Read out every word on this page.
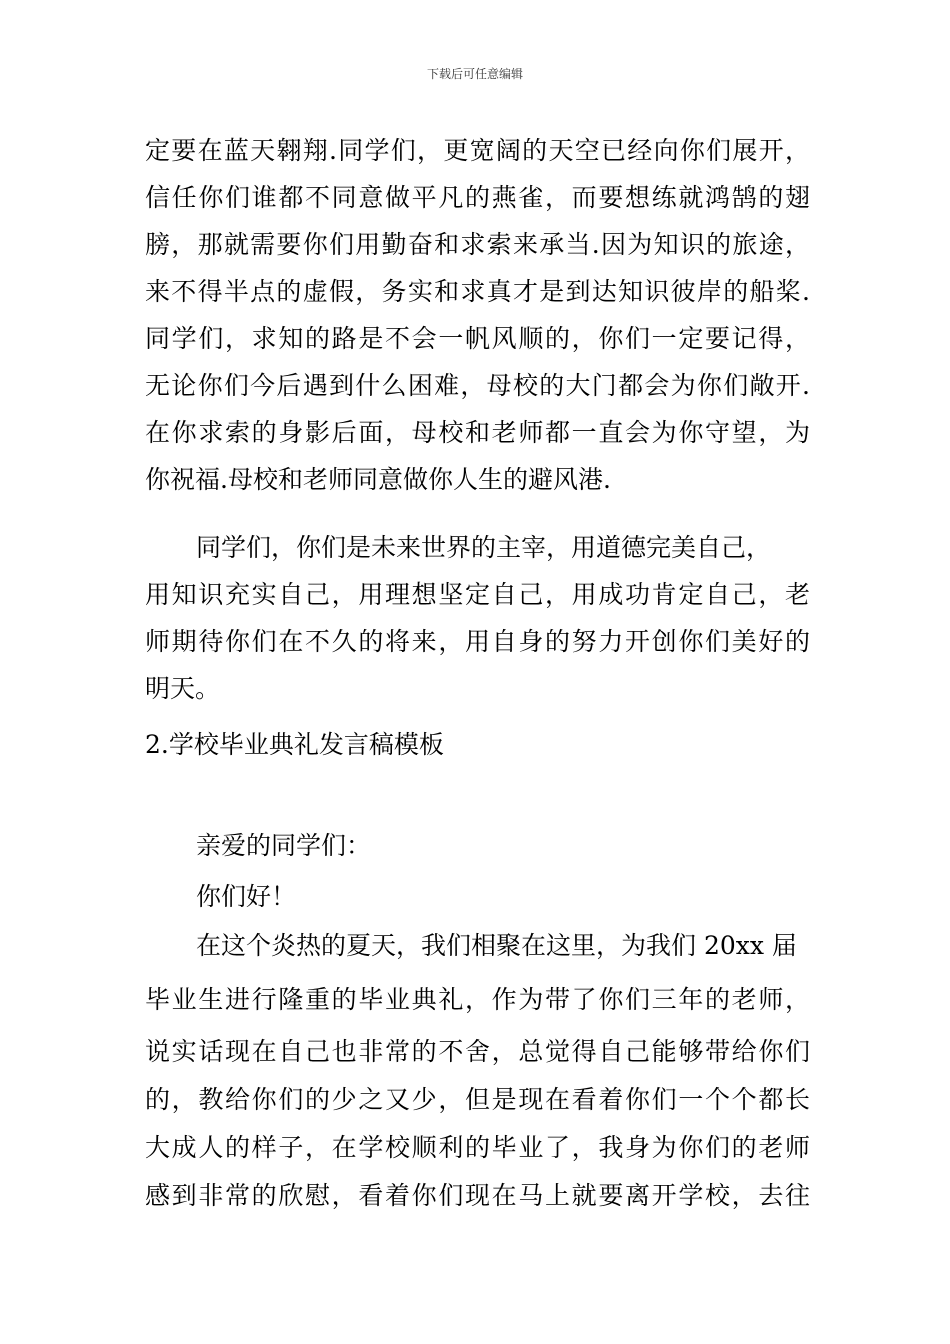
下载后可任意编辑
定要在蓝天翱翔.同学们，更宽阔的天空已经向你们展开，
信任你们谁都不同意做平凡的燕雀，而要想练就鸿鹄的翅
膀，那就需要你们用勤奋和求索来承当.因为知识的旅途，
来不得半点的虚假，务实和求真才是到达知识彼岸的船桨.
同学们，求知的路是不会一帆风顺的，你们一定要记得，
无论你们今后遇到什么困难，母校的大门都会为你们敞开.
在你求索的身影后面，母校和老师都一直会为你守望，为
你祝福.母校和老师同意做你人生的避风港.
同学们，你们是未来世界的主宰，用道德完美自己，
用知识充实自己，用理想坚定自己，用成功肯定自己，老
师期待你们在不久的将来，用自身的努力开创你们美好的
明天。
2.学校毕业典礼发言稿模板
亲爱的同学们：
你们好！
在这个炎热的夏天，我们相聚在这里，为我们 20xx 届
毕业生进行隆重的毕业典礼，作为带了你们三年的老师，
说实话现在自己也非常的不舍，总觉得自己能够带给你们
的，教给你们的少之又少，但是现在看着你们一个个都长
大成人的样子，在学校顺利的毕业了，我身为你们的老师
感到非常的欣慰，看着你们现在马上就要离开学校，去往
